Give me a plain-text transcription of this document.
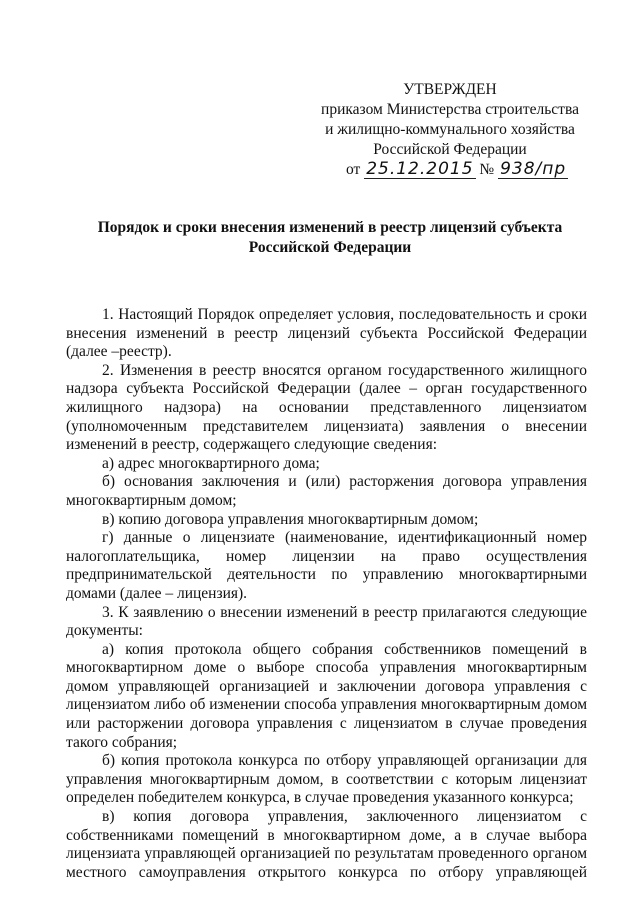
УТВЕРЖДЕН
приказом Министерства строительства
и жилищно-коммунального хозяйства
Российской Федерации
от 25.12.2015 № 938/пр
Порядок и сроки внесения изменений в реестр лицензий субъекта
Российской Федерации

1. Настоящий Порядок определяет условия, последовательность и сроки внесения изменений в реестр лицензий субъекта Российской Федерации (далее –реестр).

2. Изменения в реестр вносятся органом государственного жилищного надзора субъекта Российской Федерации (далее – орган государственного жилищного надзора) на основании представленного лицензиатом (уполномоченным представителем лицензиата) заявления о внесении изменений в реестр, содержащего следующие сведения:

а) адрес многоквартирного дома;

б) основания заключения и (или) расторжения договора управления многоквартирным домом;

в) копию договора управления многоквартирным домом;

г) данные о лицензиате (наименование, идентификационный номер налогоплательщика, номер лицензии на право осуществления предпринимательской деятельности по управлению многоквартирными домами (далее – лицензия).

3. К заявлению о внесении изменений в реестр прилагаются следующие документы:

а) копия протокола общего собрания собственников помещений в многоквартирном доме о выборе способа управления многоквартирным домом управляющей организацией и заключении договора управления с лицензиатом либо об изменении способа управления многоквартирным домом или расторжении договора управления с лицензиатом в случае проведения такого собрания;

б) копия протокола конкурса по отбору управляющей организации для управления многоквартирным домом, в соответствии с которым лицензиат определен победителем конкурса, в случае проведения указанного конкурса;

в) копия договора управления, заключенного лицензиатом с собственниками помещений в многоквартирном доме, а в случае выбора лицензиата управляющей организацией по результатам проведенного органом местного самоуправления открытого конкурса по отбору управляющей
